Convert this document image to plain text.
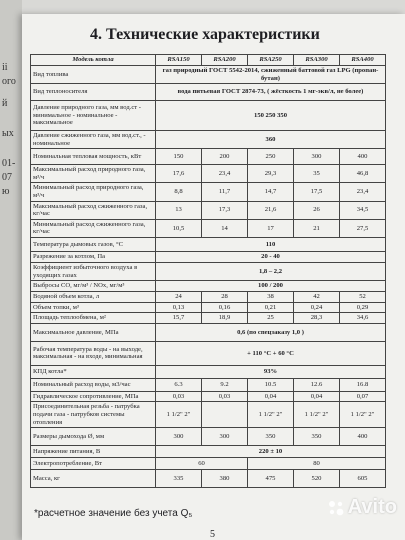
ii
ого
й
ых
01-
07
ю
4. Технические характеристики
Модель котла	RSA150	RSA200	RSA250	RSA300	RSA400
Вид топлива	газ природный ГОСТ 5542-2014, сжиженный баттовой газ LPG (пропан-бутан)				
Вид теплоносителя	вода питьевая ГОСТ 2874-73, ( жёсткость 1 мг-экв/л, не более)				
Давление природного газа, мм вод.ст - минимальное - номинальное - максимальное	150 250 350				
Давление сжиженного газа, мм вод.ст., - номинальное	360				
Номинальная тепловая мощность, кВт	150	200	250	300	400
Максимальный расход природного газа, м³/ч	17,6	23,4	29,3	35	46,8
Минимальный расход природного газа, м³/ч	8,8	11,7	14,7	17,5	23,4
Максимальный расход сжиженного газа, кг/час	13	17,3	21,6	26	34,5
Минимальный расход сжиженного газа, кг/час	10,5	14	17	21	27,5
Температура дымовых газов, °С	110				
Разрежение за котлом, Па	20 - 40				
Коэффициент избыточного воздуха в уходящих газах	1,8 – 2,2				
Выбросы СО, мг/м³ / NOх, мг/м³	100 / 200				
Водяной объем котла, л	24	28	38	42	52
Объем топки, м³	0,13	0,16	0,21	0,24	0,29
Площадь теплообмена, м²	15,7	18,9	25	28,3	34,6
Максимальное давление, МПа	0,6 (по спецзаказу 1,0 )				
Рабочая температура воды - на выходе, максимальная - на входе, минимальная	+ 110 °С + 60 °С				
КПД котла*	93%				
Номинальный расход воды, м3/час	6.3	9.2	10.5	12.6	16.8
Гидравлическое сопротивление, МПа	0,03	0,03	0,04	0,04	0,07
Присоединительная резьба - патрубка подачи газа - патрубков системы отопления	1 1/2" 2"		1 1/2" 2"	1 1/2" 2"	1 1/2" 2"
Размеры дымохода Ø, мм	300	300	350	350	400
Напряжение питания, В	220 ± 10				
Электропотребление, Вт	60		80		
Масса, кг	335	380	475	520	605
*расчетное значение без учета Q₅
5
Avito
